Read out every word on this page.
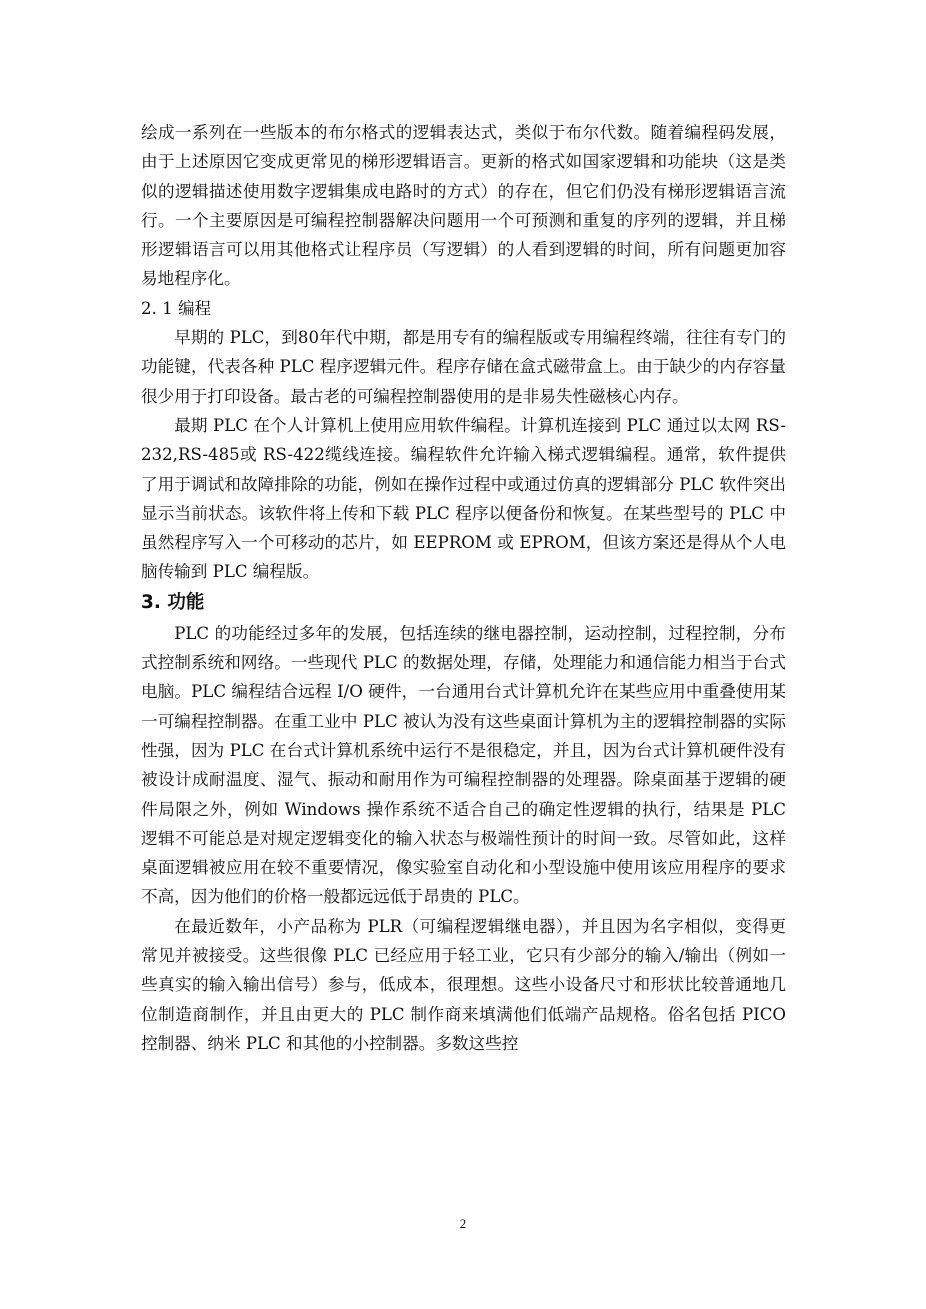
绘成一系列在一些版本的布尔格式的逻辑表达式，类似于布尔代数。随着编程码发展，由于上述原因它变成更常见的梯形逻辑语言。更新的格式如国家逻辑和功能块（这是类似的逻辑描述使用数字逻辑集成电路时的方式）的存在，但它们仍没有梯形逻辑语言流行。一个主要原因是可编程控制器解决问题用一个可预测和重复的序列的逻辑，并且梯形逻辑语言可以用其他格式让程序员（写逻辑）的人看到逻辑的时间，所有问题更加容易地程序化。

2. 1 编程

早期的 PLC，到80年代中期，都是用专有的编程版或专用编程终端，往往有专门的功能键，代表各种 PLC 程序逻辑元件。程序存储在盒式磁带盒上。由于缺少的内存容量很少用于打印设备。最古老的可编程控制器使用的是非易失性磁核心内存。

最期 PLC 在个人计算机上使用应用软件编程。计算机连接到 PLC 通过以太网 RS-232,RS-485或 RS-422缆线连接。编程软件允许输入梯式逻辑编程。通常，软件提供了用于调试和故障排除的功能，例如在操作过程中或通过仿真的逻辑部分 PLC 软件突出显示当前状态。该软件将上传和下载 PLC 程序以便备份和恢复。在某些型号的 PLC 中虽然程序写入一个可移动的芯片，如 EEPROM 或 EPROM，但该方案还是得从个人电脑传输到 PLC 编程版。

3. 功能

PLC 的功能经过多年的发展，包括连续的继电器控制，运动控制，过程控制，分布式控制系统和网络。一些现代 PLC 的数据处理，存储，处理能力和通信能力相当于台式电脑。PLC 编程结合远程 I/O 硬件，一台通用台式计算机允许在某些应用中重叠使用某一可编程控制器。在重工业中 PLC 被认为没有这些桌面计算机为主的逻辑控制器的实际性强，因为 PLC 在台式计算机系统中运行不是很稳定，并且，因为台式计算机硬件没有被设计成耐温度、湿气、振动和耐用作为可编程控制器的处理器。除桌面基于逻辑的硬件局限之外，例如 Windows 操作系统不适合自己的确定性逻辑的执行，结果是 PLC 逻辑不可能总是对规定逻辑变化的输入状态与极端性预计的时间一致。尽管如此，这样桌面逻辑被应用在较不重要情况，像实验室自动化和小型设施中使用该应用程序的要求不高，因为他们的价格一般都远远低于昂贵的 PLC。

在最近数年，小产品称为 PLR（可编程逻辑继电器），并且因为名字相似，变得更常见并被接受。这些很像 PLC 已经应用于轻工业，它只有少部分的输入/输出（例如一些真实的输入输出信号）参与，低成本，很理想。这些小设备尺寸和形状比较普通地几位制造商制作，并且由更大的 PLC 制作商来填满他们低端产品规格。俗名包括 PICO 控制器、纳米 PLC 和其他的小控制器。多数这些控

2
